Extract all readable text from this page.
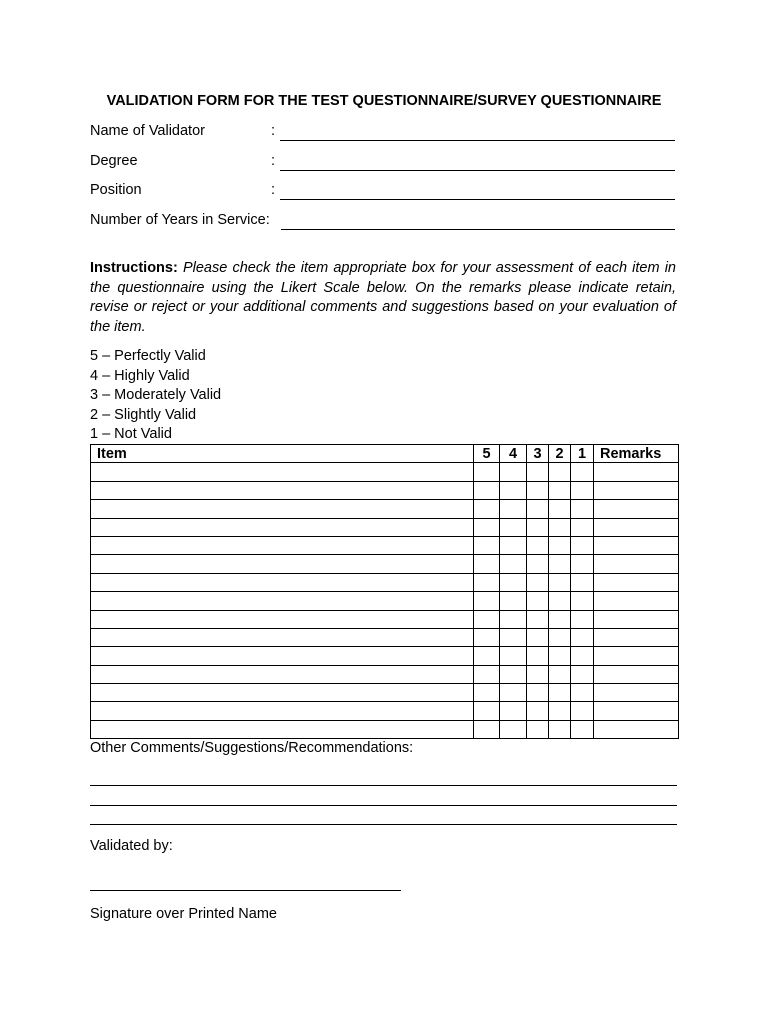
VALIDATION FORM FOR THE TEST QUESTIONNAIRE/SURVEY QUESTIONNAIRE
Name of Validator	:
Degree	:
Position	:
Number of Years in Service:
Instructions: Please check the item appropriate box for your assessment of each item in the questionnaire using the Likert Scale below. On the remarks please indicate retain, revise or reject or your additional comments and suggestions based on your evaluation of the item.
5 – Perfectly Valid
4 – Highly Valid
3 – Moderately Valid
2 – Slightly Valid
1 – Not Valid
Item	5	4	3	2	1	Remarks

Other Comments/Suggestions/Recommendations:
Validated by:
Signature over Printed Name
